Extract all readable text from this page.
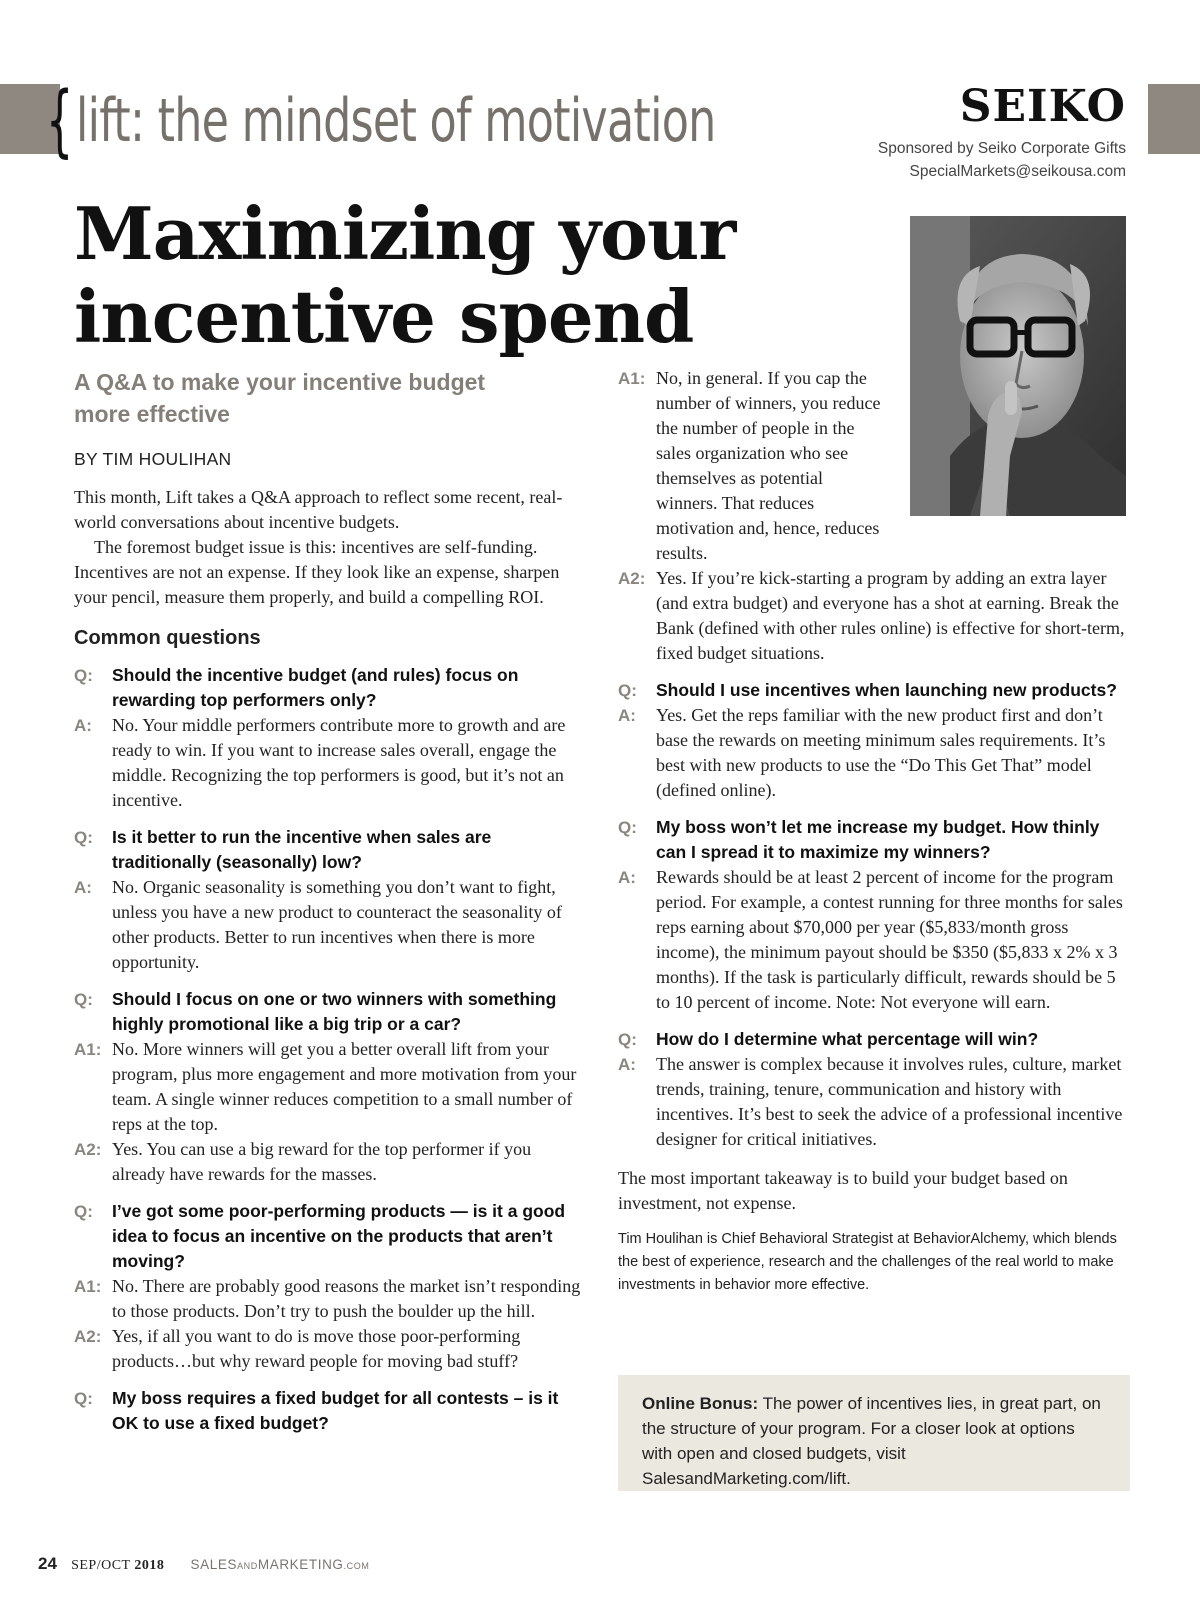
{ lift: the mindset of motivation	SEIKO
Sponsored by Seiko Corporate Gifts
SpecialMarkets@seikousa.com
Maximizing your
incentive spend
A Q&A to make your incentive budget
more effective
BY TIM HOULIHAN

This month, Lift takes a Q&A approach to reflect some recent, real-world conversations about incentive budgets.

The foremost budget issue is this: incentives are self-funding. Incentives are not an expense. If they look like an expense, sharpen your pencil, measure them properly, and build a compelling ROI.

Common questions
Q:	Should the incentive budget (and rules) focus on rewarding top performers only?
A:	No. Your middle performers contribute more to growth and are ready to win. If you want to increase sales overall, engage the middle. Recognizing the top performers is good, but it’s not an incentive.
Q:	Is it better to run the incentive when sales are traditionally (seasonally) low?
A:	No. Organic seasonality is something you don’t want to fight, unless you have a new product to counteract the seasonality of other products. Better to run incentives when there is more opportunity.
Q:	Should I focus on one or two winners with something highly promotional like a big trip or a car?
A1: No. More winners will get you a better overall lift from your program, plus more engagement and more motivation from your team. A single winner reduces competition to a small number of reps at the top.
A2: Yes. You can use a big reward for the top performer if you already have rewards for the masses.
Q:	I’ve got some poor-performing products — is it a good idea to focus an incentive on the products that aren’t moving?
A1: No. There are probably good reasons the market isn’t responding to those products. Don’t try to push the boulder up the hill.
A2: Yes, if all you want to do is move those poor-performing products…but why reward people for moving bad stuff?
Q:	My boss requires a fixed budget for all contests – is it OK to use a fixed budget?
A1: No, in general. If you cap the number of winners, you reduce the number of people in the sales organization who see themselves as potential winners. That reduces motivation and, hence, reduces results.
A2: Yes. If you’re kick-starting a program by adding an extra layer (and extra budget) and everyone has a shot at earning. Break the Bank (defined with other rules online) is effective for short-term, fixed budget situations.
Q:	Should I use incentives when launching new products?
A:	Yes. Get the reps familiar with the new product first and don’t base the rewards on meeting minimum sales requirements. It’s best with new products to use the “Do This Get That” model (defined online).
Q:	My boss won’t let me increase my budget. How thinly can I spread it to maximize my winners?
A:	Rewards should be at least 2 percent of income for the program period. For example, a contest running for three months for sales reps earning about $70,000 per year ($5,833/month gross income), the minimum payout should be $350 ($5,833 x 2% x 3 months). If the task is particularly difficult, rewards should be 5 to 10 percent of income. Note: Not everyone will earn.
Q:	How do I determine what percentage will win?
A:	The answer is complex because it involves rules, culture, market trends, training, tenure, communication and history with incentives. It’s best to seek the advice of a professional incentive designer for critical initiatives.

The most important takeaway is to build your budget based on investment, not expense.

Tim Houlihan is Chief Behavioral Strategist at BehaviorAlchemy, which blends the best of experience, research and the challenges of the real world to make investments in behavior more effective.

Online Bonus: The power of incentives lies, in great part, on the structure of your program. For a closer look at options with open and closed budgets, visit SalesandMarketing.com/lift.
24 SEP/OCT 2018 SALESANDMARKETING.COM
